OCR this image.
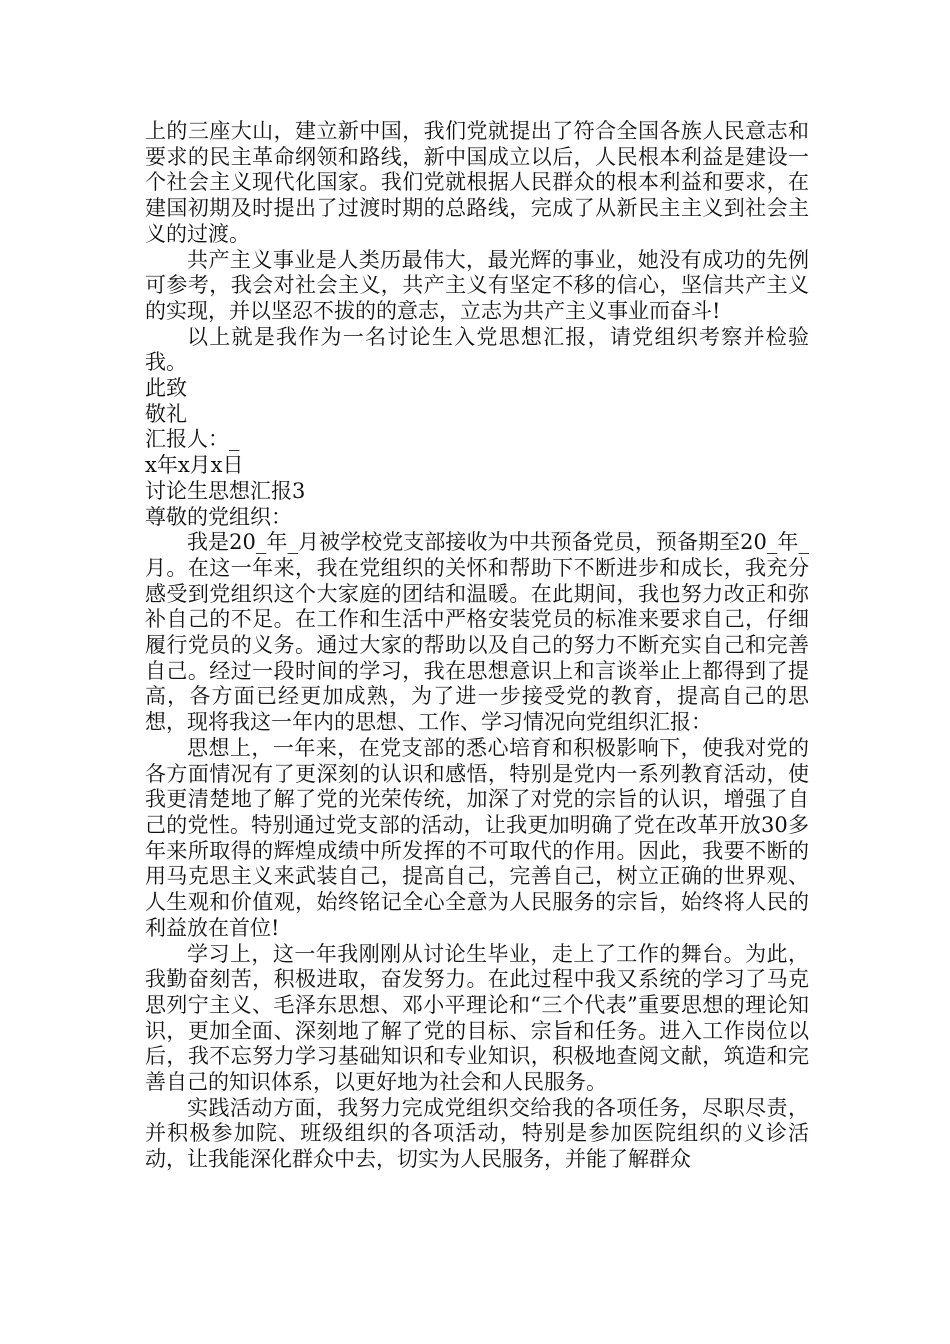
上的三座大山，建立新中国，我们党就提出了符合全国各族人民意志和要求的民主革命纲领和路线，新中国成立以后，人民根本利益是建设一个社会主义现代化国家。我们党就根据人民群众的根本利益和要求，在建国初期及时提出了过渡时期的总路线，完成了从新民主主义到社会主义的过渡。

共产主义事业是人类历最伟大，最光辉的事业，她没有成功的先例可参考，我会对社会主义，共产主义有坚定不移的信心，坚信共产主义的实现，并以坚忍不拔的的意志，立志为共产主义事业而奋斗!

以上就是我作为一名讨论生入党思想汇报，请党组织考察并检验我。

此致

敬礼

汇报人：_

x年x月x日

讨论生思想汇报3

尊敬的党组织：

我是20_年_月被学校党支部接收为中共预备党员，预备期至20_年_月。在这一年来，我在党组织的关怀和帮助下不断进步和成长，我充分感受到党组织这个大家庭的团结和温暖。在此期间，我也努力改正和弥补自己的不足。在工作和生活中严格安装党员的标准来要求自己，仔细履行党员的义务。通过大家的帮助以及自己的努力不断充实自己和完善自己。经过一段时间的学习，我在思想意识上和言谈举止上都得到了提高，各方面已经更加成熟，为了进一步接受党的教育，提高自己的思想，现将我这一年内的思想、工作、学习情况向党组织汇报：

思想上，一年来，在党支部的悉心培育和积极影响下，使我对党的各方面情况有了更深刻的认识和感悟，特别是党内一系列教育活动，使我更清楚地了解了党的光荣传统，加深了对党的宗旨的认识，增强了自己的党性。特别通过党支部的活动，让我更加明确了党在改革开放30多年来所取得的辉煌成绩中所发挥的不可取代的作用。因此，我要不断的用马克思主义来武装自己，提高自己，完善自己，树立正确的世界观、人生观和价值观，始终铭记全心全意为人民服务的宗旨，始终将人民的利益放在首位!

学习上，这一年我刚刚从讨论生毕业，走上了工作的舞台。为此，我勤奋刻苦，积极进取，奋发努力。在此过程中我又系统的学习了马克思列宁主义、毛泽东思想、邓小平理论和“三个代表”重要思想的理论知识，更加全面、深刻地了解了党的目标、宗旨和任务。进入工作岗位以后，我不忘努力学习基础知识和专业知识，积极地查阅文献，筑造和完善自己的知识体系，以更好地为社会和人民服务。

实践活动方面，我努力完成党组织交给我的各项任务，尽职尽责，并积极参加院、班级组织的各项活动，特别是参加医院组织的义诊活动，让我能深化群众中去，切实为人民服务，并能了解群众
